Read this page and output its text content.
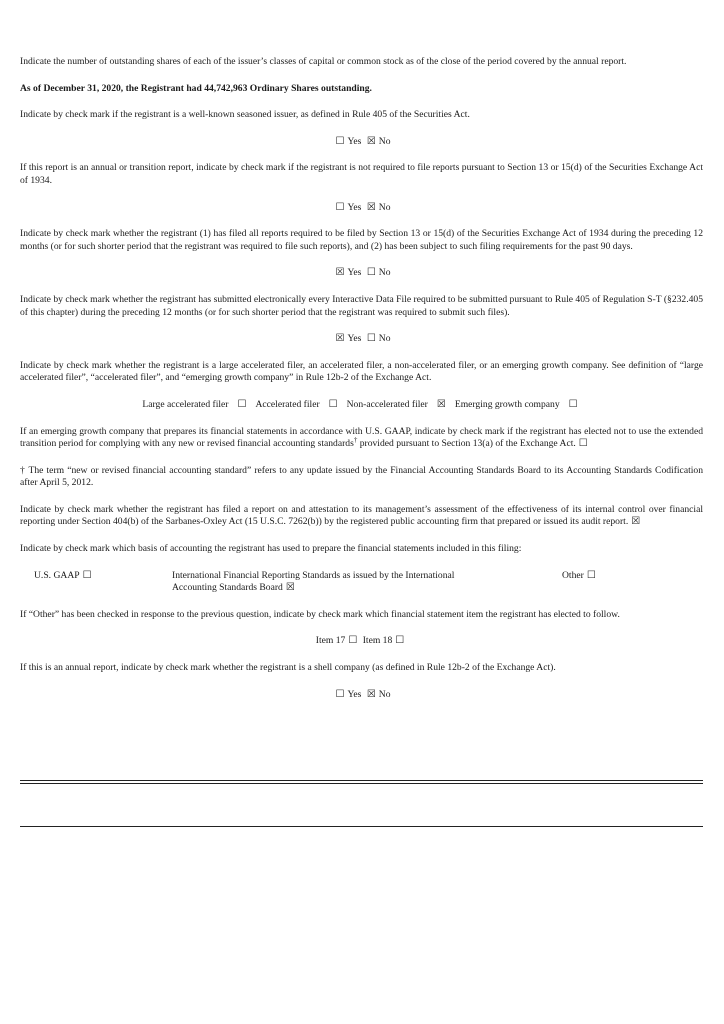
Indicate the number of outstanding shares of each of the issuer’s classes of capital or common stock as of the close of the period covered by the annual report.

As of December 31, 2020, the Registrant had 44,742,963 Ordinary Shares outstanding.

Indicate by check mark if the registrant is a well-known seasoned issuer, as defined in Rule 405 of the Securities Act.

☐ Yes ☒ No

If this report is an annual or transition report, indicate by check mark if the registrant is not required to file reports pursuant to Section 13 or 15(d) of the Securities Exchange Act of 1934.

☐ Yes ☒ No

Indicate by check mark whether the registrant (1) has filed all reports required to be filed by Section 13 or 15(d) of the Securities Exchange Act of 1934 during the preceding 12 months (or for such shorter period that the registrant was required to file such reports), and (2) has been subject to such filing requirements for the past 90 days.

☒ Yes ☐ No

Indicate by check mark whether the registrant has submitted electronically every Interactive Data File required to be submitted pursuant to Rule 405 of Regulation S-T (§232.405 of this chapter) during the preceding 12 months (or for such shorter period that the registrant was required to submit such files).

☒ Yes ☐ No

Indicate by check mark whether the registrant is a large accelerated filer, an accelerated filer, a non-accelerated filer, or an emerging growth company. See definition of “large accelerated filer”, “accelerated filer”, and “emerging growth company” in Rule 12b-2 of the Exchange Act.

Large accelerated filer ☐ Accelerated filer ☐ Non-accelerated filer ☒ Emerging growth company ☐

If an emerging growth company that prepares its financial statements in accordance with U.S. GAAP, indicate by check mark if the registrant has elected not to use the extended transition period for complying with any new or revised financial accounting standards† provided pursuant to Section 13(a) of the Exchange Act. ☐

† The term “new or revised financial accounting standard” refers to any update issued by the Financial Accounting Standards Board to its Accounting Standards Codification after April 5, 2012.

Indicate by check mark whether the registrant has filed a report on and attestation to its management’s assessment of the effectiveness of its internal control over financial reporting under Section 404(b) of the Sarbanes-Oxley Act (15 U.S.C. 7262(b)) by the registered public accounting firm that prepared or issued its audit report. ☒

Indicate by check mark which basis of accounting the registrant has used to prepare the financial statements included in this filing:

U.S. GAAP ☐	International Financial Reporting Standards as issued by the International
Accounting Standards Board ☒
Other ☐

If “Other” has been checked in response to the previous question, indicate by check mark which financial statement item the registrant has elected to follow.

Item 17 ☐ Item 18 ☐

If this is an annual report, indicate by check mark whether the registrant is a shell company (as defined in Rule 12b-2 of the Exchange Act).

☐ Yes ☒ No
